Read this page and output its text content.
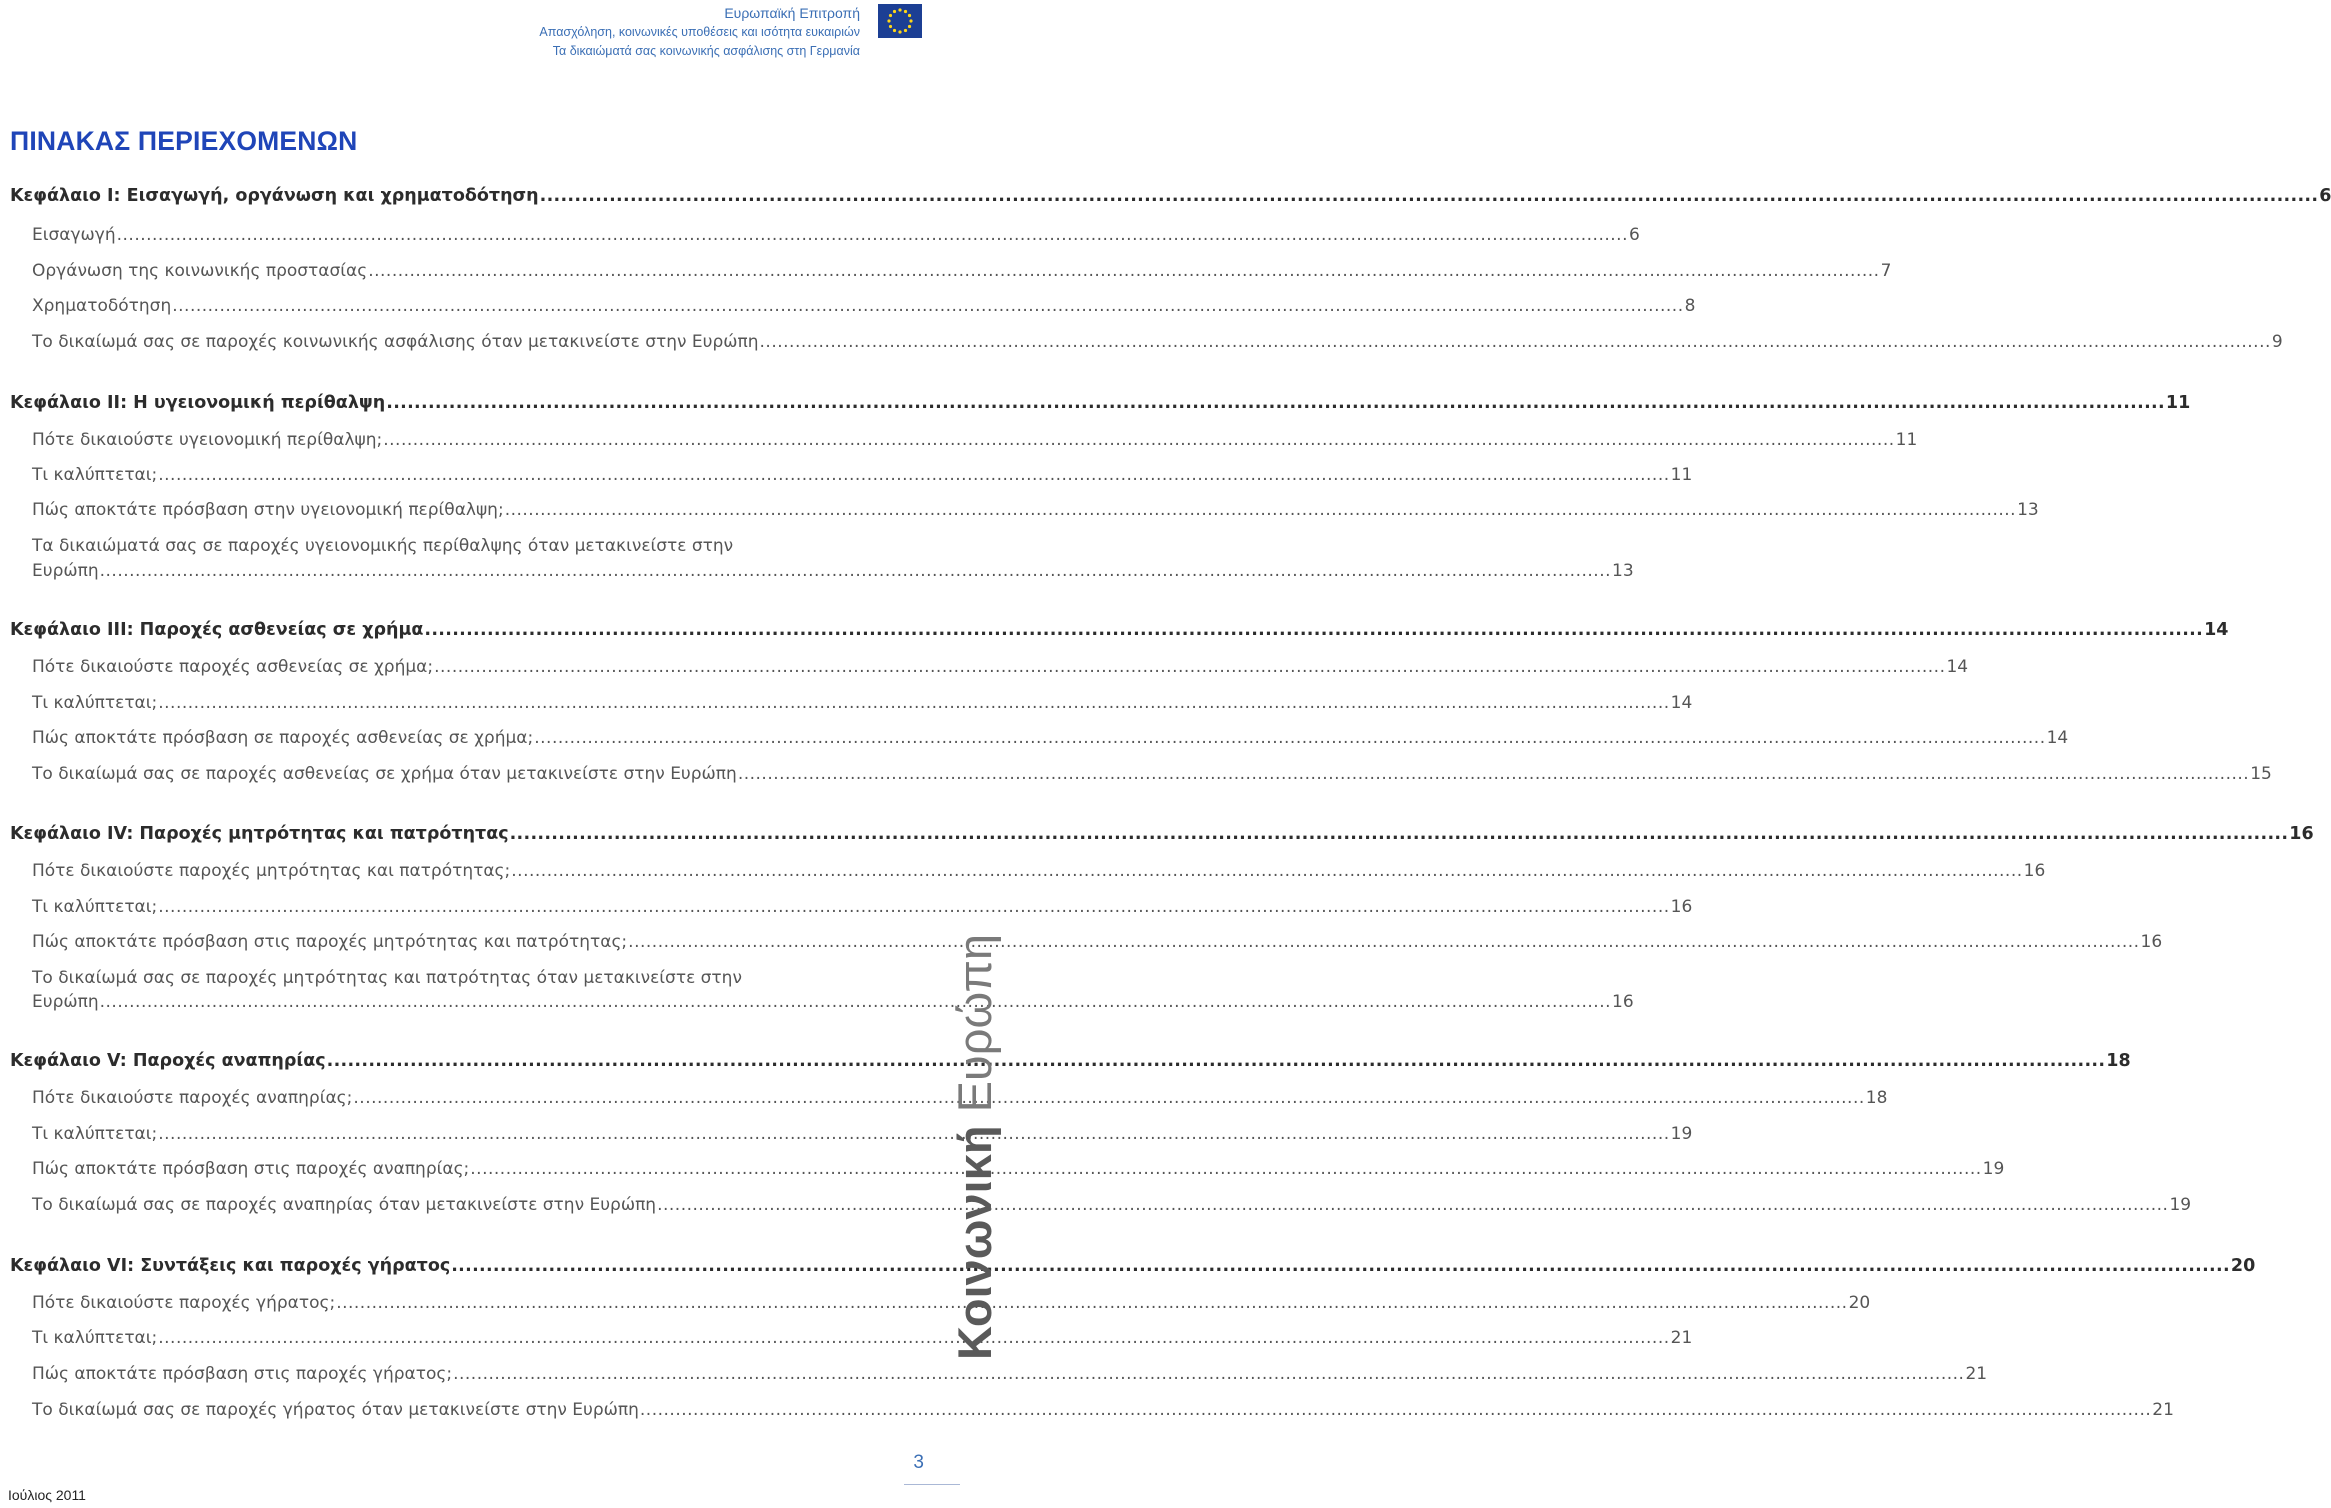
Ευρωπαϊκή Επιτροπή
Απασχόληση, κοινωνικές υποθέσεις και ισότητα ευκαιριών
Τα δικαιώματά σας κοινωνικής ασφάλισης στη Γερμανία
ΠΙΝΑΚΑΣ ΠΕΡΙΕΧΟΜΕΝΩΝ
Κεφάλαιο I: Εισαγωγή, οργάνωση και χρηματοδότηση .....	6
Εισαγωγή .....	6
Οργάνωση της κοινωνικής προστασίας .....	7
Χρηματοδότηση .....	8
Το δικαίωμά σας σε παροχές κοινωνικής ασφάλισης όταν μετακινείστε στην Ευρώπη .....	9
Κεφάλαιο II: Η υγειονομική περίθαλψη .....	11
Πότε δικαιούστε υγειονομική περίθαλψη; .....	11
Τι καλύπτεται; .....	11
Πώς αποκτάτε πρόσβαση στην υγειονομική περίθαλψη; .....	13
Τα δικαιώματά σας σε παροχές υγειονομικής περίθαλψης όταν μετακινείστε στην
Ευρώπη .....	13
Κεφάλαιο III: Παροχές ασθενείας σε χρήμα .....	14
Πότε δικαιούστε παροχές ασθενείας σε χρήμα; .....	14
Τι καλύπτεται; .....	14
Πώς αποκτάτε πρόσβαση σε παροχές ασθενείας σε χρήμα; .....	14
Το δικαίωμά σας σε παροχές ασθενείας σε χρήμα όταν μετακινείστε στην Ευρώπη .....	15
Κεφάλαιο IV: Παροχές μητρότητας και πατρότητας .....	16
Πότε δικαιούστε παροχές μητρότητας και πατρότητας; .....	16
Τι καλύπτεται; .....	16
Πώς αποκτάτε πρόσβαση στις παροχές μητρότητας και πατρότητας; .....	16
Το δικαίωμά σας σε παροχές μητρότητας και πατρότητας όταν μετακινείστε στην
Ευρώπη .....	16
Κεφάλαιο V: Παροχές αναπηρίας .....	18
Πότε δικαιούστε παροχές αναπηρίας; .....	18
Τι καλύπτεται; .....	19
Πώς αποκτάτε πρόσβαση στις παροχές αναπηρίας; .....	19
Το δικαίωμά σας σε παροχές αναπηρίας όταν μετακινείστε στην Ευρώπη .....	19
Κεφάλαιο VI: Συντάξεις και παροχές γήρατος .....	20
Πότε δικαιούστε παροχές γήρατος; .....	20
Τι καλύπτεται; .....	21
Πώς αποκτάτε πρόσβαση στις παροχές γήρατος; .....	21
Το δικαίωμά σας σε παροχές γήρατος όταν μετακινείστε στην Ευρώπη .....	21
Κοινωνική Ευρώπη
3
Ιούλιος 2011
